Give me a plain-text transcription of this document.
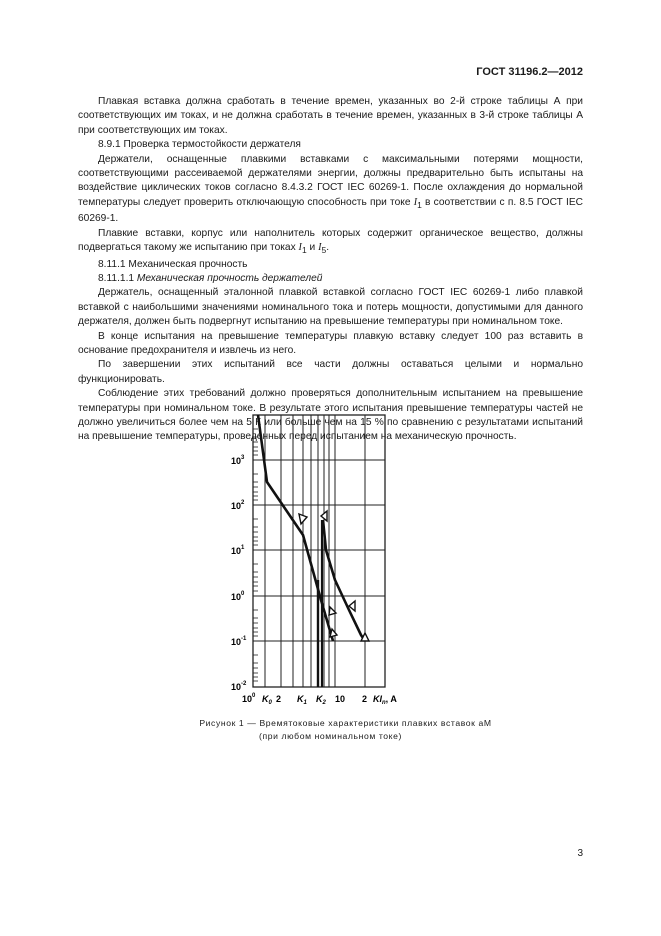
ГОСТ 31196.2—2012

Плавкая вставка должна сработать в течение времен, указанных во 2-й строке таблицы А при соответствующих им токах, и не должна сработать в течение времен, указанных в 3-й строке таблицы А при соответствующих им токах.

8.9.1 Проверка термостойкости держателя

Держатели, оснащенные плавкими вставками с максимальными потерями мощности, соответствующими рассеиваемой держателями энергии, должны предварительно быть испытаны на воздействие циклических токов согласно 8.4.3.2 ГОСТ IEC 60269-1. После охлаждения до нормальной температуры следует проверить отключающую способность при токе $I_1$ в соответствии с п. 8.5 ГОСТ IEC 60269-1.

Плавкие вставки, корпус или наполнитель которых содержит органическое вещество, должны подвергаться такому же испытанию при токах $I_1$ и $I_5$.

8.11.1 Механическая прочность

8.11.1.1 Механическая прочность держателей

Держатель, оснащенный эталонной плавкой вставкой согласно ГОСТ IEC 60269-1 либо плавкой вставкой с наибольшими значениями номинального тока и потерь мощности, допустимыми для данного держателя, должен быть подвергнут испытанию на превышение температуры при номинальном токе.

В конце испытания на превышение температуры плавкую вставку следует 100 раз вставить в основание предохранителя и извлечь из него.

По завершении этих испытаний все части должны оставаться целыми и нормально функционировать.

Соблюдение этих требований должно проверяться дополнительным испытанием на превышение температуры при номинальном токе. В результате этого испытания превышение температуры частей не должно увеличиться более чем на 5 К или больше чем на 15 % по сравнению с результатами испытаний на превышение температуры, проведенных перед испытанием на механическую прочность.

$10^3$
$10^2$
$10^1$
$10^0$
$10^{-1}$
$10^{-2}$
$10^0$ $K_0$ 2 $K_1$ $K_2$ 10 2 $KI_n$, A
Рисунок 1 — Времятоковые характеристики плавких вставок aM
(при любом номинальном токе)
3
